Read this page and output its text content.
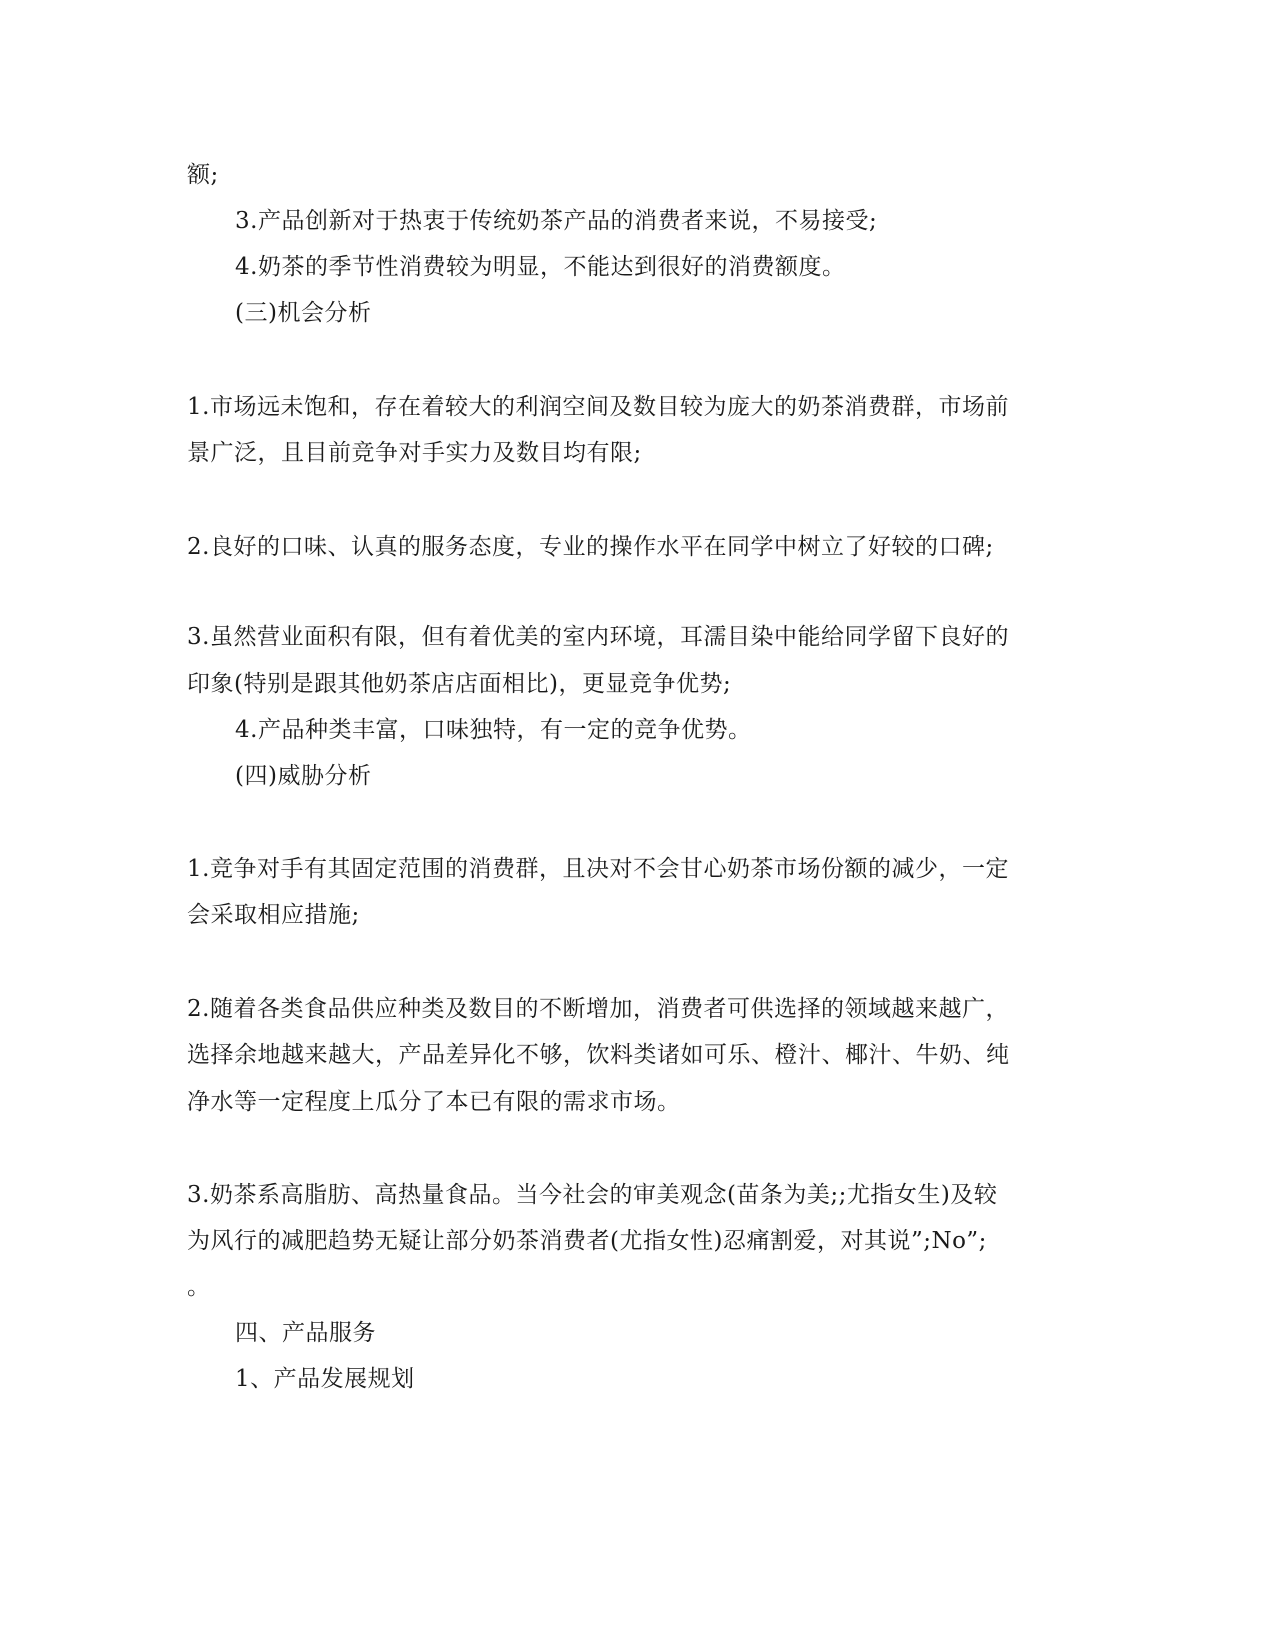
额;
3.产品创新对于热衷于传统奶茶产品的消费者来说，不易接受;
4.奶茶的季节性消费较为明显，不能达到很好的消费额度。
(三)机会分析
1.市场远未饱和，存在着较大的利润空间及数目较为庞大的奶茶消费群，市场前
景广泛，且目前竞争对手实力及数目均有限;
2.良好的口味、认真的服务态度，专业的操作水平在同学中树立了好较的口碑;
3.虽然营业面积有限，但有着优美的室内环境，耳濡目染中能给同学留下良好的
印象(特别是跟其他奶茶店店面相比)，更显竞争优势;
4.产品种类丰富，口味独特，有一定的竞争优势。
(四)威胁分析
1.竞争对手有其固定范围的消费群，且决对不会甘心奶茶市场份额的减少，一定
会采取相应措施;
2.随着各类食品供应种类及数目的不断增加，消费者可供选择的领域越来越广，
选择余地越来越大，产品差异化不够，饮料类诸如可乐、橙汁、椰汁、牛奶、纯
净水等一定程度上瓜分了本已有限的需求市场。
3.奶茶系高脂肪、高热量食品。当今社会的审美观念(苗条为美;;尤指女生)及较
为风行的减肥趋势无疑让部分奶茶消费者(尤指女性)忍痛割爱，对其说”;No”;
。
四、产品服务
1、产品发展规划
